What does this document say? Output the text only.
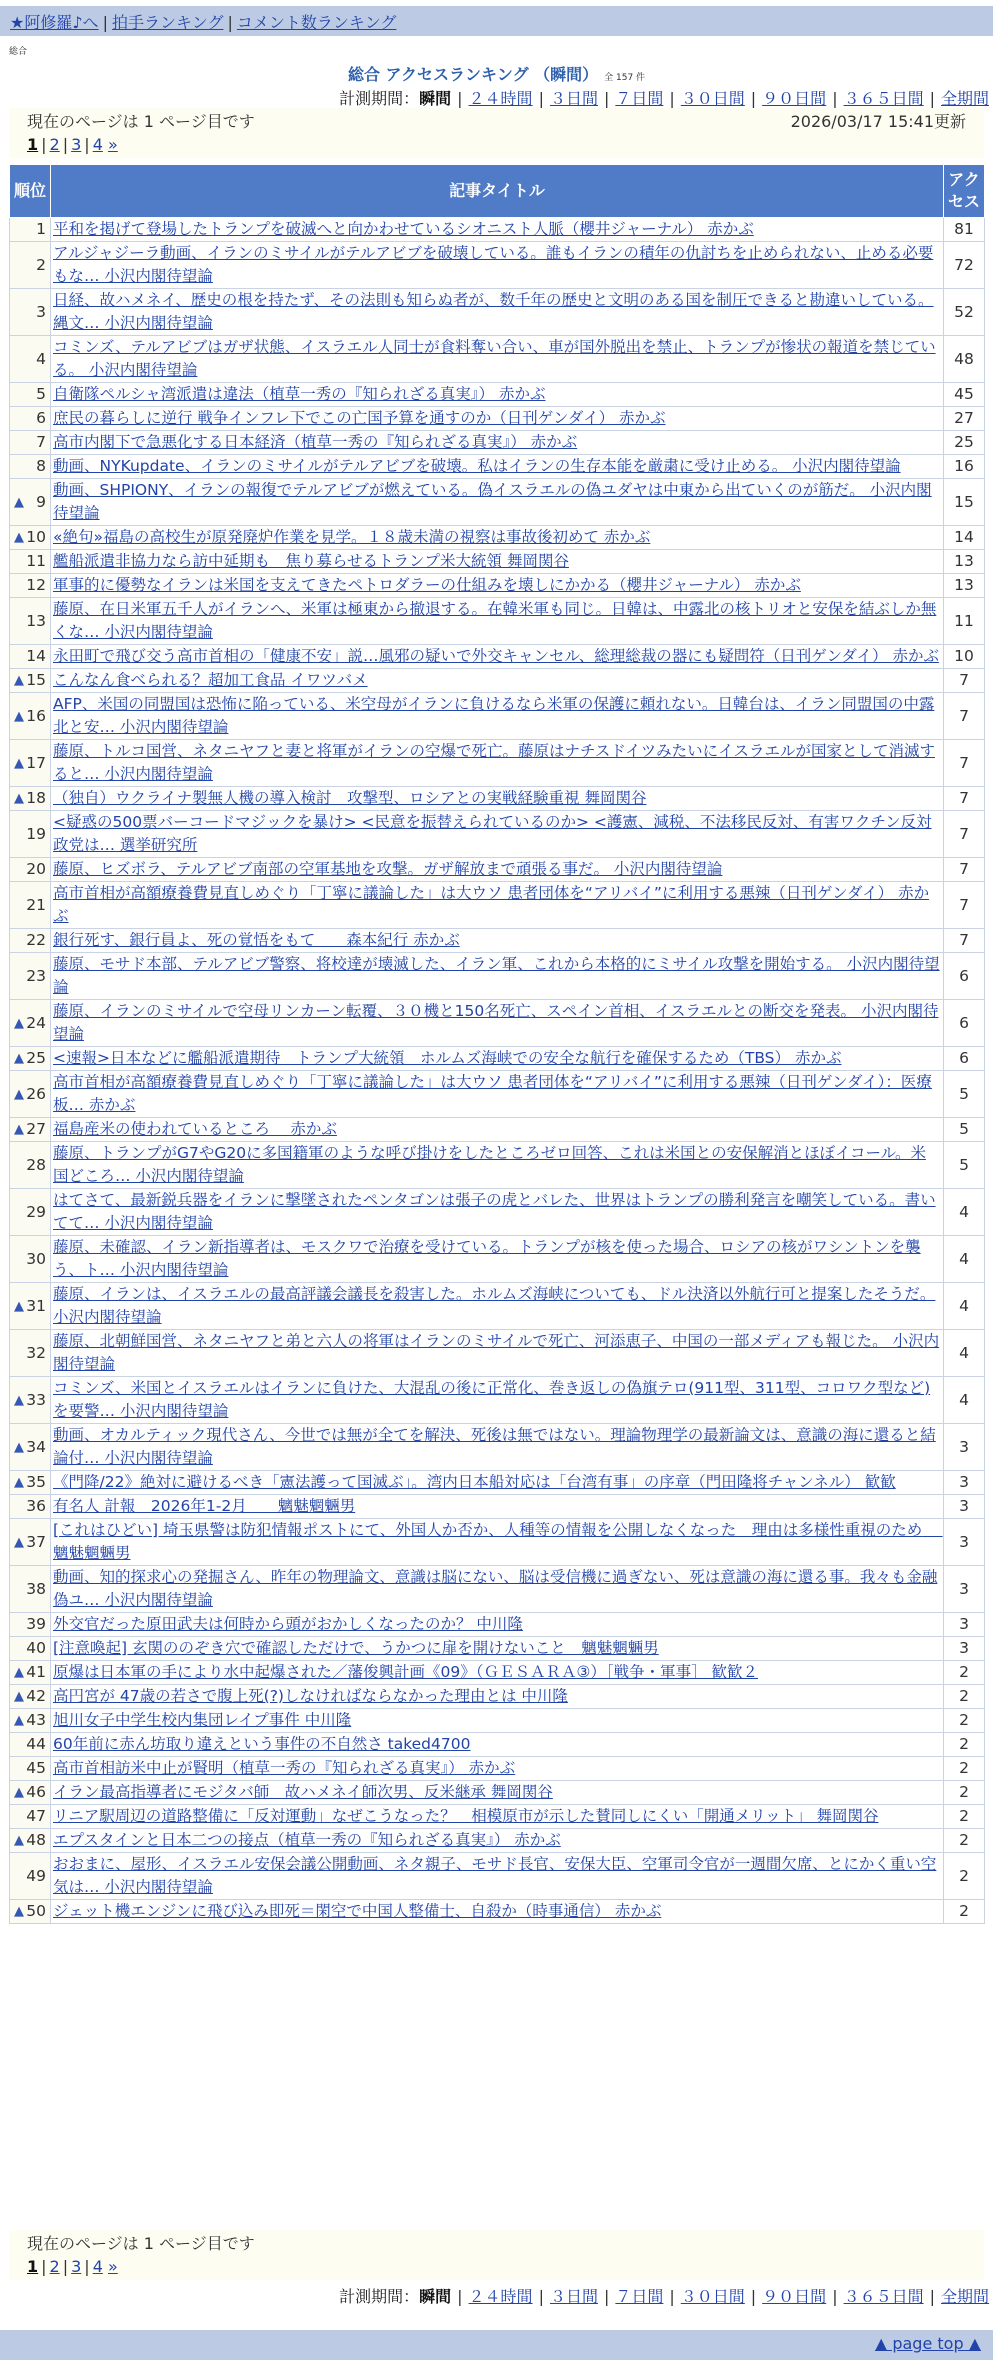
★阿修羅♪へ | 拍手ランキング | コメント数ランキング
総合
総合 アクセスランキング （瞬間） 全 157 件
計測期間：瞬間 | ２４時間 | ３日間 | ７日間 | ３０日間 | ９０日間 | ３６５日間 | 全期間
現在のページは 1 ページ目です	2026/03/17 15:41更新
1 | 2 | 3 | 4 »
順位	記事タイトル	アクセス
1	平和を掲げて登場したトランプを破滅へと向かわせているシオニスト人脈（櫻井ジャーナル） 赤かぶ	81
2	アルジャジーラ動画、イランのミサイルがテルアビブを破壊している。誰もイランの積年の仇討ちを止められない、止める必要もな… 小沢内閣待望論	72
3	日経、故ハメネイ、歴史の根を持たず、その法則も知らぬ者が、数千年の歴史と文明のある国を制圧できると勘違いしている。縄文… 小沢内閣待望論	52
4	コミンズ、テルアビブはガザ状態、イスラエル人同士が食料奪い合い、車が国外脱出を禁止、トランプが惨状の報道を禁じている。 小沢内閣待望論	48
5	自衛隊ペルシャ湾派遣は違法（植草一秀の『知られざる真実』） 赤かぶ	45
6	庶民の暮らしに逆行 戦争インフレ下でこの亡国予算を通すのか（日刊ゲンダイ） 赤かぶ	27
7	高市内閣下で急悪化する日本経済（植草一秀の『知られざる真実』） 赤かぶ	25
8	動画、NYKupdate、イランのミサイルがテルアビブを破壊。私はイランの生存本能を厳粛に受け止める。 小沢内閣待望論	16

▲ 9	動画、SHPIONY、イランの報復でテルアビブが燃えている。偽イスラエルの偽ユダヤは中東から出ていくのが筋だ。 小沢内閣待望論	15

▲ 10	«絶句»福島の高校生が原発廃炉作業を見学。１８歳未満の視察は事故後初めて 赤かぶ	14
11	艦船派遣非協力なら訪中延期も　焦り募らせるトランプ米大統領 舞岡関谷	13
12	軍事的に優勢なイランは米国を支えてきたペトロダラーの仕組みを壊しにかかる（櫻井ジャーナル） 赤かぶ	13
13	藤原、在日米軍五千人がイランへ、米軍は極東から撤退する。在韓米軍も同じ。日韓は、中露北の核トリオと安保を結ぶしか無くな… 小沢内閣待望論	11
14	永田町で飛び交う高市首相の「健康不安」説…風邪の疑いで外交キャンセル、総理総裁の器にも疑問符（日刊ゲンダイ） 赤かぶ	10

▲ 15	こんなん食べられる？超加工食品 イワツバメ	7

▲ 16	AFP、米国の同盟国は恐怖に陥っている、米空母がイランに負けるなら米軍の保護に頼れない。日韓台は、イラン同盟国の中露北と安… 小沢内閣待望論	7

▲ 17	藤原、トルコ国営、ネタニヤフと妻と将軍がイランの空爆で死亡。藤原はナチスドイツみたいにイスラエルが国家として消滅すると… 小沢内閣待望論	7

▲ 18	（独自）ウクライナ製無人機の導入検討　攻撃型、ロシアとの実戦経験重視 舞岡関谷	7
19	<疑惑の500票バーコードマジックを暴け> <民意を振替えられているのか> <護憲、減税、不法移民反対、有害ワクチン反対政党は… 選挙研究所	7
20	藤原、ヒズボラ、テルアビブ南部の空軍基地を攻撃。ガザ解放まで頑張る事だ。 小沢内閣待望論	7
21	高市首相が高額療養費見直しめぐり「丁寧に議論した」は大ウソ 患者団体を“アリバイ”に利用する悪辣（日刊ゲンダイ） 赤かぶ	7
22	銀行死す、銀行員よ、死の覚悟をもて　　森本紀行 赤かぶ	7
23	藤原、モサド本部、テルアビブ警察、将校達が壊滅した、イラン軍、これから本格的にミサイル攻撃を開始する。 小沢内閣待望論	6

▲ 24	藤原、イランのミサイルで空母リンカーン転覆、３０機と150名死亡、スペイン首相、イスラエルとの断交を発表。 小沢内閣待望論	6

▲ 25	<速報>日本などに艦船派遣期待　トランプ大統領　ホルムズ海峡での安全な航行を確保するため（TBS） 赤かぶ	6

▲ 26	高市首相が高額療養費見直しめぐり「丁寧に議論した」は大ウソ 患者団体を“アリバイ”に利用する悪辣（日刊ゲンダイ）：医療板… 赤かぶ	5

▲ 27	福島産米の使われているところ　 赤かぶ	5
28	藤原、トランプがG7やG20に多国籍軍のような呼び掛けをしたところゼロ回答、これは米国との安保解消とほぼイコール。米国どころ… 小沢内閣待望論	5
29	はてさて、最新鋭兵器をイランに撃墜されたペンタゴンは張子の虎とバレた、世界はトランプの勝利発言を嘲笑している。書いてて… 小沢内閣待望論	4
30	藤原、未確認、イラン新指導者は、モスクワで治療を受けている。トランプが核を使った場合、ロシアの核がワシントンを襲う、ト… 小沢内閣待望論	4

▲ 31	藤原、イランは、イスラエルの最高評議会議長を殺害した。ホルムズ海峡についても、ドル決済以外航行可と提案したそうだ。 小沢内閣待望論	4
32	藤原、北朝鮮国営、ネタニヤフと弟と六人の将軍はイランのミサイルで死亡、河添恵子、中国の一部メディアも報じた。 小沢内閣待望論	4

▲ 33	コミンズ、米国とイスラエルはイランに負けた、大混乱の後に正常化、巻き返しの偽旗テロ(911型、311型、コロワク型など)を要警… 小沢内閣待望論	4

▲ 34	動画、オカルティック現代さん、今世では無が全てを解決、死後は無ではない。理論物理学の最新論文は、意識の海に還ると結論付… 小沢内閣待望論	3

▲ 35	《門降/22》絶対に避けるべき「憲法護って国滅ぶ」。湾内日本船対応は「台湾有事」の序章（門田隆将チャンネル） 歓歓	3
36	有名人 計報　2026年1-2月　　魑魅魍魎男	3

▲ 37	[これはひどい] 埼玉県警は防犯情報ポストにて、外国人か否か、人種等の情報を公開しなくなった　理由は多様性重視のため　 魑魅魍魎男	3
38	動画、知的探求心の発掘さん、昨年の物理論文、意識は脳にない、脳は受信機に過ぎない、死は意識の海に還る事。我々も金融偽ユ… 小沢内閣待望論	3
39	外交官だった原田武夫は何時から頭がおかしくなったのか？ 中川隆	3
40	[注意喚起] 玄関ののぞき穴で確認しただけで、うかつに扉を開けないこと　魑魅魍魎男	3

▲ 41	原爆は日本軍の手により水中起爆された／藩俊興計画《09》（ＧＥＳＡＲＡ③）［戦争・軍事］ 歓歓２	2

▲ 42	高円宮が 47歳の若さで腹上死(?)しなければならなかった理由とは 中川隆	2

▲ 43	旭川女子中学生校内集団レイプ事件 中川隆	2
44	60年前に赤ん坊取り違えという事件の不自然さ taked4700	2
45	高市首相訪米中止が賢明（植草一秀の『知られざる真実』） 赤かぶ	2

▲ 46	イラン最高指導者にモジタバ師　故ハメネイ師次男、反米継承 舞岡関谷	2
47	リニア駅周辺の道路整備に「反対運動」なぜこうなった？　相模原市が示した賛同しにくい「開通メリット」 舞岡関谷	2

▲ 48	エプスタインと日本二つの接点（植草一秀の『知られざる真実』） 赤かぶ	2
49	おおまに、屋形、イスラエル安保会議公開動画、ネタ親子、モサド長官、安保大臣、空軍司令官が一週間欠席、とにかく重い空気は… 小沢内閣待望論	2

▲ 50	ジェット機エンジンに飛び込み即死＝閑空で中国人整備士、自殺か（時事通信） 赤かぶ	2
現在のページは 1 ページ目です
1 | 2 | 3 | 4 »
計測期間：瞬間 | ２４時間 | ３日間 | ７日間 | ３０日間 | ９０日間 | ３６５日間 | 全期間
▲ page top ▲
